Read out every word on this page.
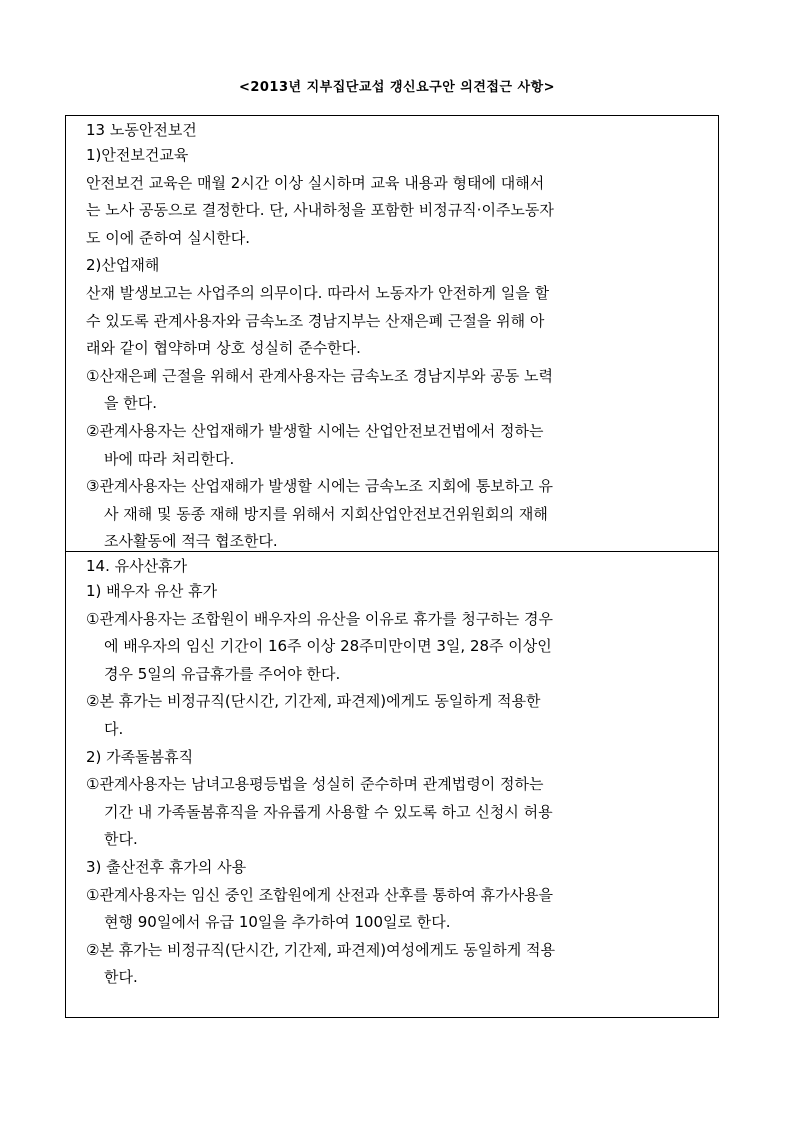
<2013년 지부집단교섭 갱신요구안 의견접근 사항>
13 노동안전보건
1)안전보건교육
안전보건 교육은 매월 2시간 이상 실시하며 교육 내용과 형태에 대해서
는 노사 공동으로 결정한다. 단, 사내하청을 포함한 비정규직·이주노동자
도 이에 준하여 실시한다.
2)산업재해
산재 발생보고는 사업주의 의무이다. 따라서 노동자가 안전하게 일을 할
수 있도록 관계사용자와 금속노조 경남지부는 산재은폐 근절을 위해 아
래와 같이 협약하며 상호 성실히 준수한다.
①산재은폐 근절을 위해서 관계사용자는 금속노조 경남지부와 공동 노력
을 한다.
②관계사용자는 산업재해가 발생할 시에는 산업안전보건법에서 정하는
바에 따라 처리한다.
③관계사용자는 산업재해가 발생할 시에는 금속노조 지회에 통보하고 유
사 재해 및 동종 재해 방지를 위해서 지회산업안전보건위원회의 재해
조사활동에 적극 협조한다.
14. 유사산휴가
1) 배우자 유산 휴가
①관계사용자는 조합원이 배우자의 유산을 이유로 휴가를 청구하는 경우
에 배우자의 임신 기간이 16주 이상 28주미만이면 3일, 28주 이상인
경우 5일의 유급휴가를 주어야 한다.
②본 휴가는 비정규직(단시간, 기간제, 파견제)에게도 동일하게 적용한
다.
2) 가족돌봄휴직
①관계사용자는 남녀고용평등법을 성실히 준수하며 관계법령이 정하는
기간 내 가족돌봄휴직을 자유롭게 사용할 수 있도록 하고 신청시 허용
한다.
3) 출산전후 휴가의 사용
①관계사용자는 임신 중인 조합원에게 산전과 산후를 통하여 휴가사용을
현행 90일에서 유급 10일을 추가하여 100일로 한다.
②본 휴가는 비정규직(단시간, 기간제, 파견제)여성에게도 동일하게 적용
한다.
